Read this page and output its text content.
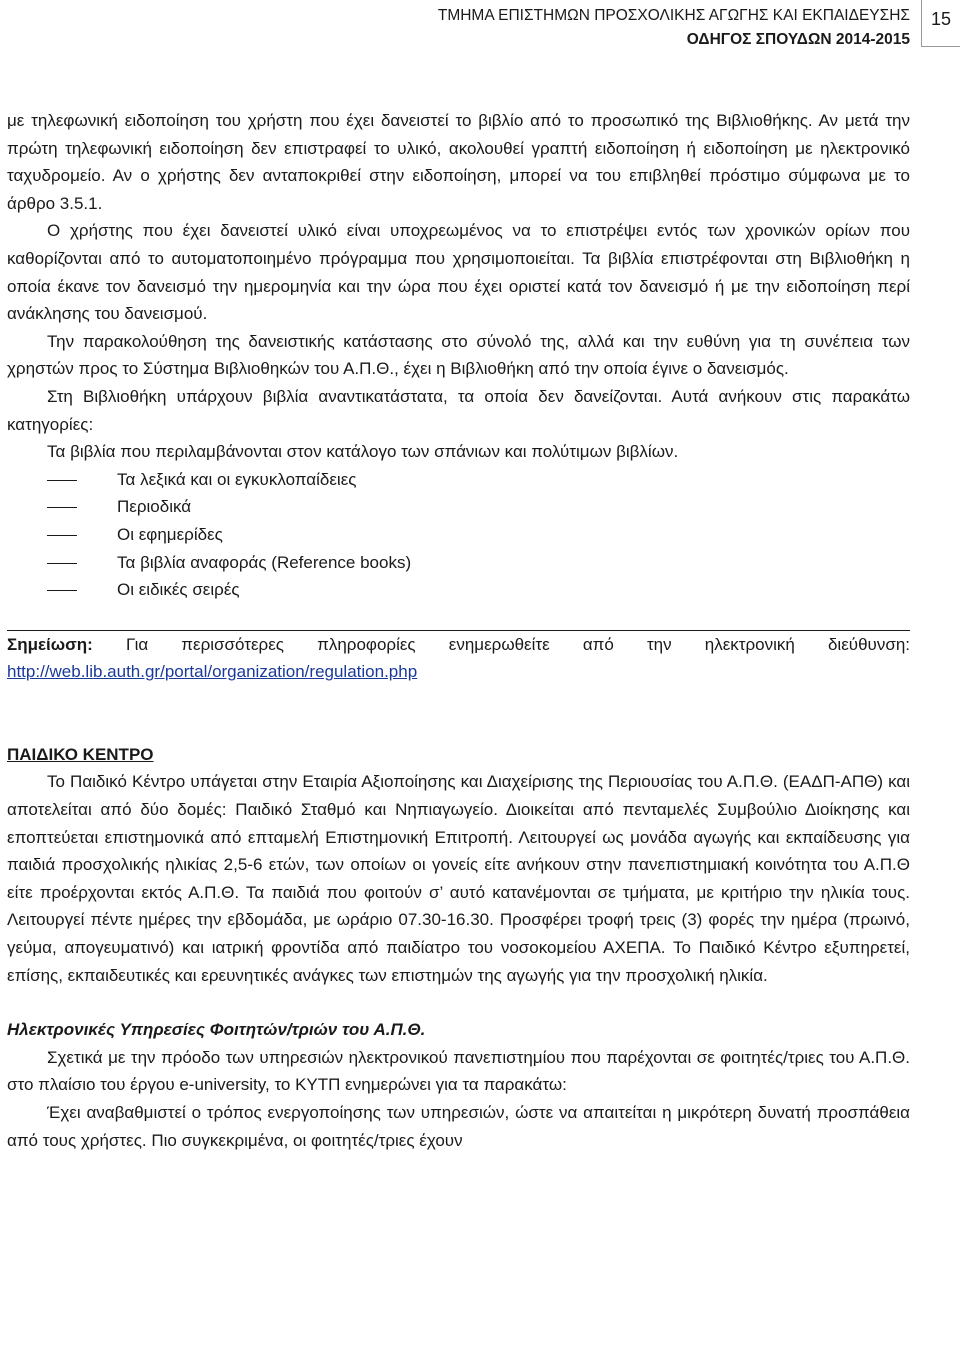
ΤΜΗΜΑ ΕΠΙΣΤΗΜΩΝ ΠΡΟΣΧΟΛΙΚΗΣ ΑΓΩΓΗΣ ΚΑΙ ΕΚΠΑΙΔΕΥΣΗΣ
ΟΔΗΓΟΣ ΣΠΟΥΔΩΝ 2014-2015
15

με τηλεφωνική ειδοποίηση του χρήστη που έχει δανειστεί το βιβλίο από το προσωπικό της Βιβλιοθήκης. Αν μετά την πρώτη τηλεφωνική ειδοποίηση δεν επιστραφεί το υλικό, ακολουθεί γραπτή ειδοποίηση ή ειδοποίηση με ηλεκτρονικό ταχυδρομείο. Αν ο χρήστης δεν ανταποκριθεί στην ειδοποίηση, μπορεί να του επιβληθεί πρόστιμο σύμφωνα με το άρθρο 3.5.1.

Ο χρήστης που έχει δανειστεί υλικό είναι υποχρεωμένος να το επιστρέψει εντός των χρονικών ορίων που καθορίζονται από το αυτοματοποιημένο πρόγραμμα που χρησιμοποιείται. Τα βιβλία επιστρέφονται στη Βιβλιοθήκη η οποία έκανε τον δανεισμό την ημερομηνία και την ώρα που έχει οριστεί κατά τον δανεισμό ή με την ειδοποίηση περί ανάκλησης του δανεισμού.

Την παρακολούθηση της δανειστικής κατάστασης στο σύνολό της, αλλά και την ευθύνη για τη συνέπεια των χρηστών προς το Σύστημα Βιβλιοθηκών του Α.Π.Θ., έχει η Βιβλιοθήκη από την οποία έγινε ο δανεισμός.

Στη Βιβλιοθήκη υπάρχουν βιβλία αναντικατάστατα, τα οποία δεν δανείζονται. Αυτά ανήκουν στις παρακάτω κατηγορίες:

Τα βιβλία που περιλαμβάνονται στον κατάλογο των σπάνιων και πολύτιμων βιβλίων.

Τα λεξικά και οι εγκυκλοπαίδειες
Περιοδικά
Οι εφημερίδες
Τα βιβλία αναφοράς (Reference books)
Οι ειδικές σειρές

Σημείωση: Για περισσότερες πληροφορίες ενημερωθείτε από την ηλεκτρονική διεύθυνση: http://web.lib.auth.gr/portal/organization/regulation.php

ΠΑΙΔΙΚΟ ΚΕΝΤΡΟ

Το Παιδικό Κέντρο υπάγεται στην Εταιρία Αξιοποίησης και Διαχείρισης της Περιουσίας του Α.Π.Θ. (ΕΑΔΠ-ΑΠΘ) και αποτελείται από δύο δομές: Παιδικό Σταθμό και Νηπιαγωγείο. Διοικείται από πενταμελές Συμβούλιο Διοίκησης και εποπτεύεται επιστημονικά από επταμελή Επιστημονική Επιτροπή. Λειτουργεί ως μονάδα αγωγής και εκπαίδευσης για παιδιά προσχολικής ηλικίας 2,5-6 ετών, των οποίων οι γονείς είτε ανήκουν στην πανεπιστημιακή κοινότητα του Α.Π.Θ είτε προέρχονται εκτός Α.Π.Θ. Τα παιδιά που φοιτούν σ’ αυτό κατανέμονται σε τμήματα, με κριτήριο την ηλικία τους. Λειτουργεί πέντε ημέρες την εβδομάδα, με ωράριο 07.30-16.30. Προσφέρει τροφή τρεις (3) φορές την ημέρα (πρωινό, γεύμα, απογευματινό) και ιατρική φροντίδα από παιδίατρο του νοσοκομείου ΑΧΕΠΑ. Το Παιδικό Κέντρο εξυπηρετεί, επίσης, εκπαιδευτικές και ερευνητικές ανάγκες των επιστημών της αγωγής για την προσχολική ηλικία.

Ηλεκτρονικές Υπηρεσίες Φοιτητών/τριών του Α.Π.Θ.

Σχετικά με την πρόοδο των υπηρεσιών ηλεκτρονικού πανεπιστημίου που παρέχονται σε φοιτητές/τριες του Α.Π.Θ. στο πλαίσιο του έργου e-university, το ΚΥΤΠ ενημερώνει για τα παρακάτω:

Έχει αναβαθμιστεί ο τρόπος ενεργοποίησης των υπηρεσιών, ώστε να απαιτείται η μικρότερη δυνατή προσπάθεια από τους χρήστες. Πιο συγκεκριμένα, οι φοιτητές/τριες έχουν
